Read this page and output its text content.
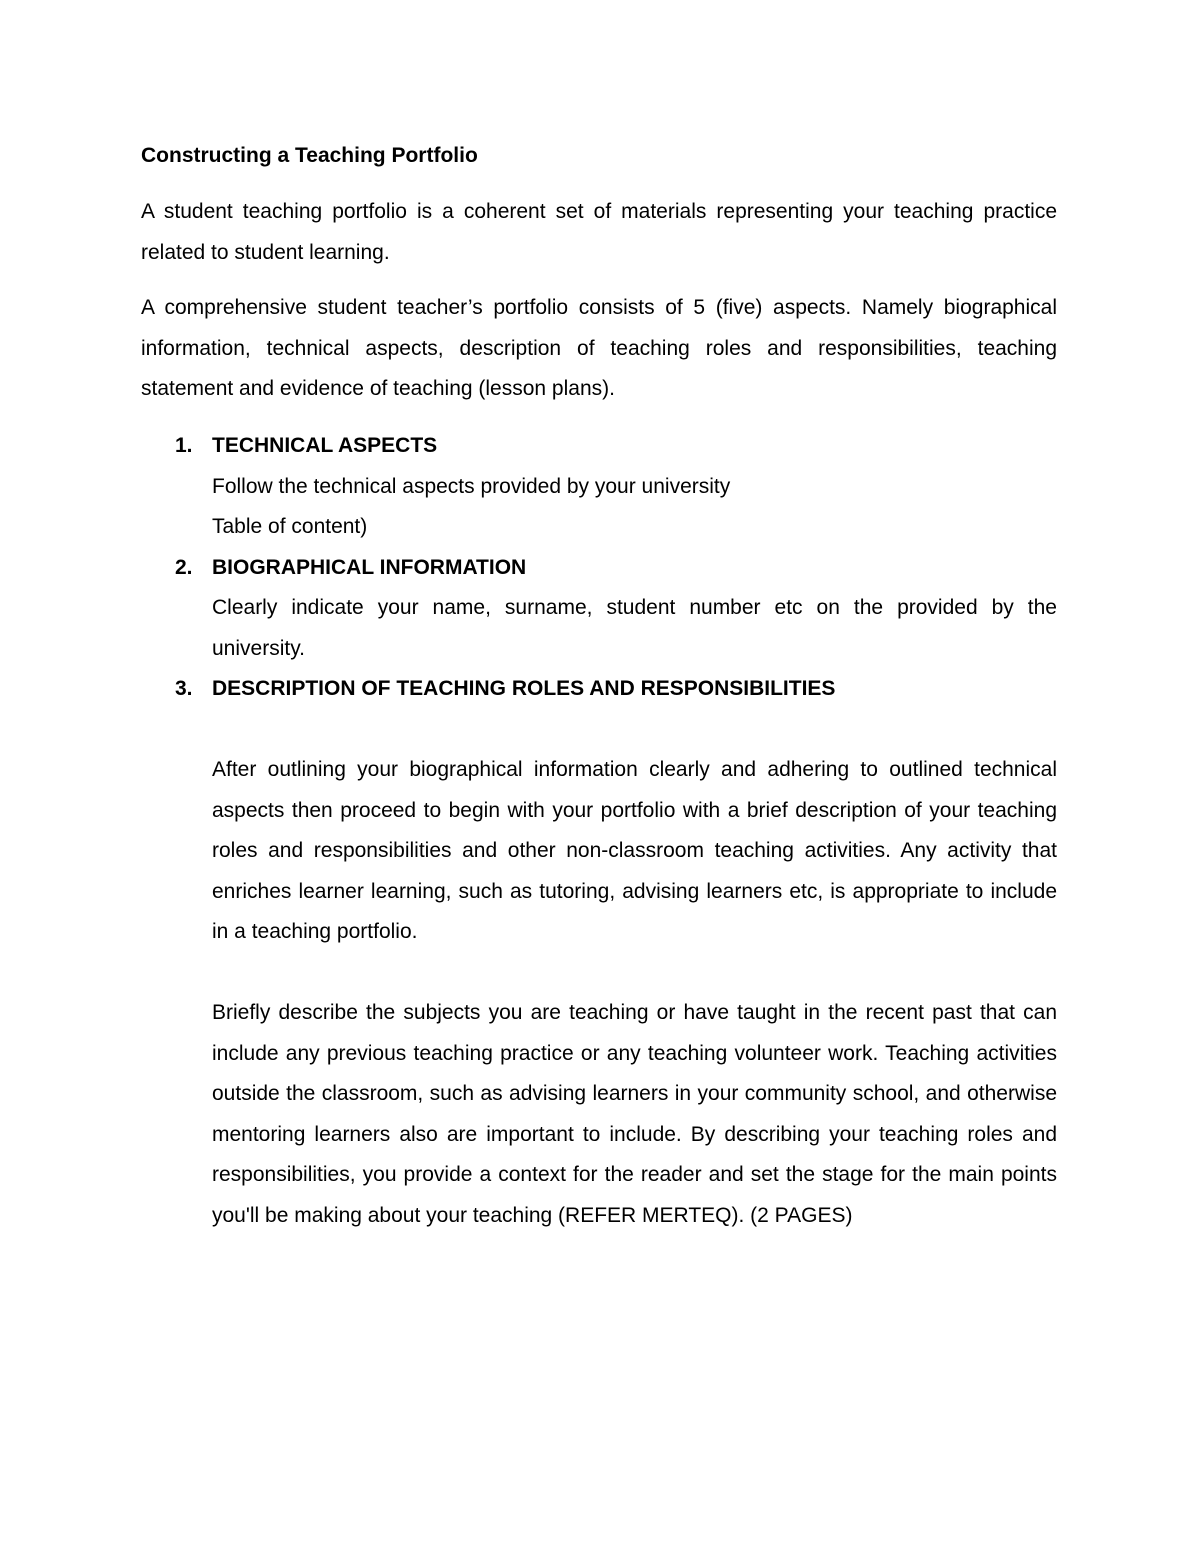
Constructing a Teaching Portfolio

A student teaching portfolio is a coherent set of materials representing your teaching practice related to student learning.

A comprehensive student teacher’s portfolio consists of 5 (five) aspects. Namely biographical information, technical aspects, description of teaching roles and responsibilities, teaching statement and evidence of teaching (lesson plans).

1. TECHNICAL ASPECTS

Follow the technical aspects provided by your university

Table of content)

2. BIOGRAPHICAL INFORMATION

Clearly indicate your name, surname, student number etc on the provided by the university.

3. DESCRIPTION OF TEACHING ROLES AND RESPONSIBILITIES

After outlining your biographical information clearly and adhering to outlined technical aspects then proceed to begin with your portfolio with a brief description of your teaching roles and responsibilities and other non-classroom teaching activities. Any activity that enriches learner learning, such as tutoring, advising learners etc, is appropriate to include in a teaching portfolio.

Briefly describe the subjects you are teaching or have taught in the recent past that can include any previous teaching practice or any teaching volunteer work. Teaching activities outside the classroom, such as advising learners in your community school, and otherwise mentoring learners also are important to include. By describing your teaching roles and responsibilities, you provide a context for the reader and set the stage for the main points you'll be making about your teaching (REFER MERTEQ). (2 PAGES)
